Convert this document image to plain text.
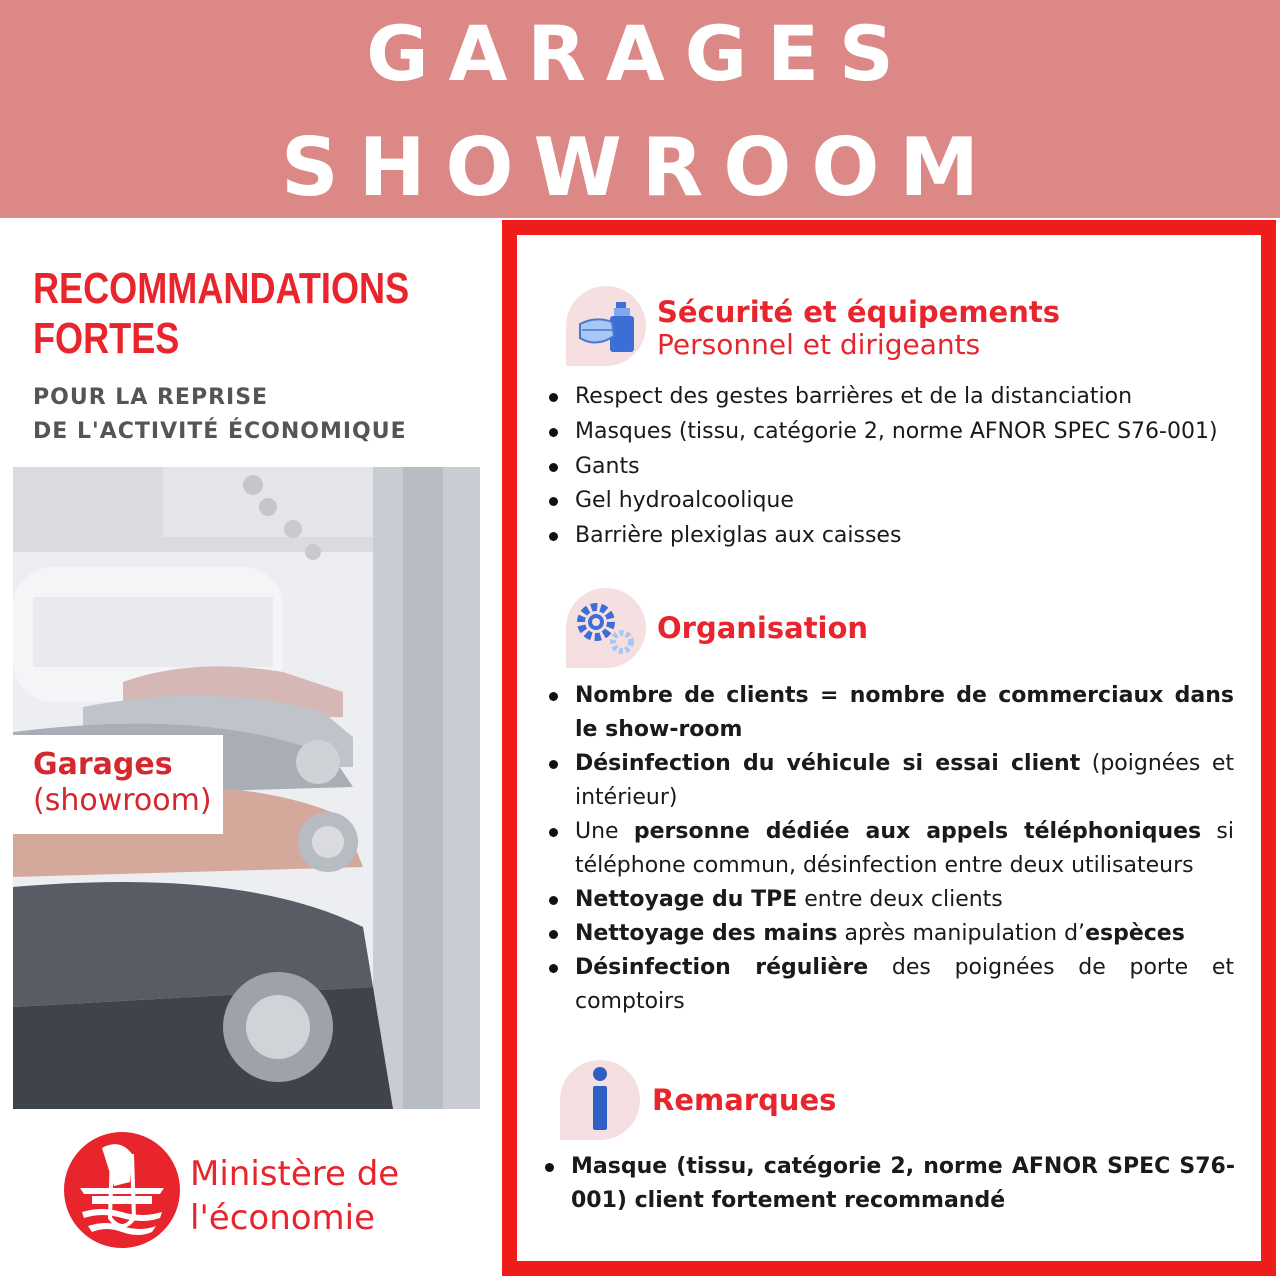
GARAGES
SHOWROOM
RECOMMANDATIONS
FORTES
POUR LA REPRISE
DE L'ACTIVITÉ ÉCONOMIQUE
Garages
(showroom)
Ministère de
l'économie
Sécurité et équipements
Personnel et dirigeants
Respect des gestes barrières et de la distanciation
Masques (tissu, catégorie 2, norme AFNOR SPEC S76-001)
Gants
Gel hydroalcoolique
Barrière plexiglas aux caisses
Organisation
Nombre de clients = nombre de commerciaux dans le show-room
Désinfection du véhicule si essai client (poignées et intérieur)
Une personne dédiée aux appels téléphoniques si téléphone commun, désinfection entre deux utilisateurs
Nettoyage du TPE entre deux clients
Nettoyage des mains après manipulation d’espèces
Désinfection régulière des poignées de porte et comptoirs
Remarques
Masque (tissu, catégorie 2, norme AFNOR SPEC S76-001) client fortement recommandé
